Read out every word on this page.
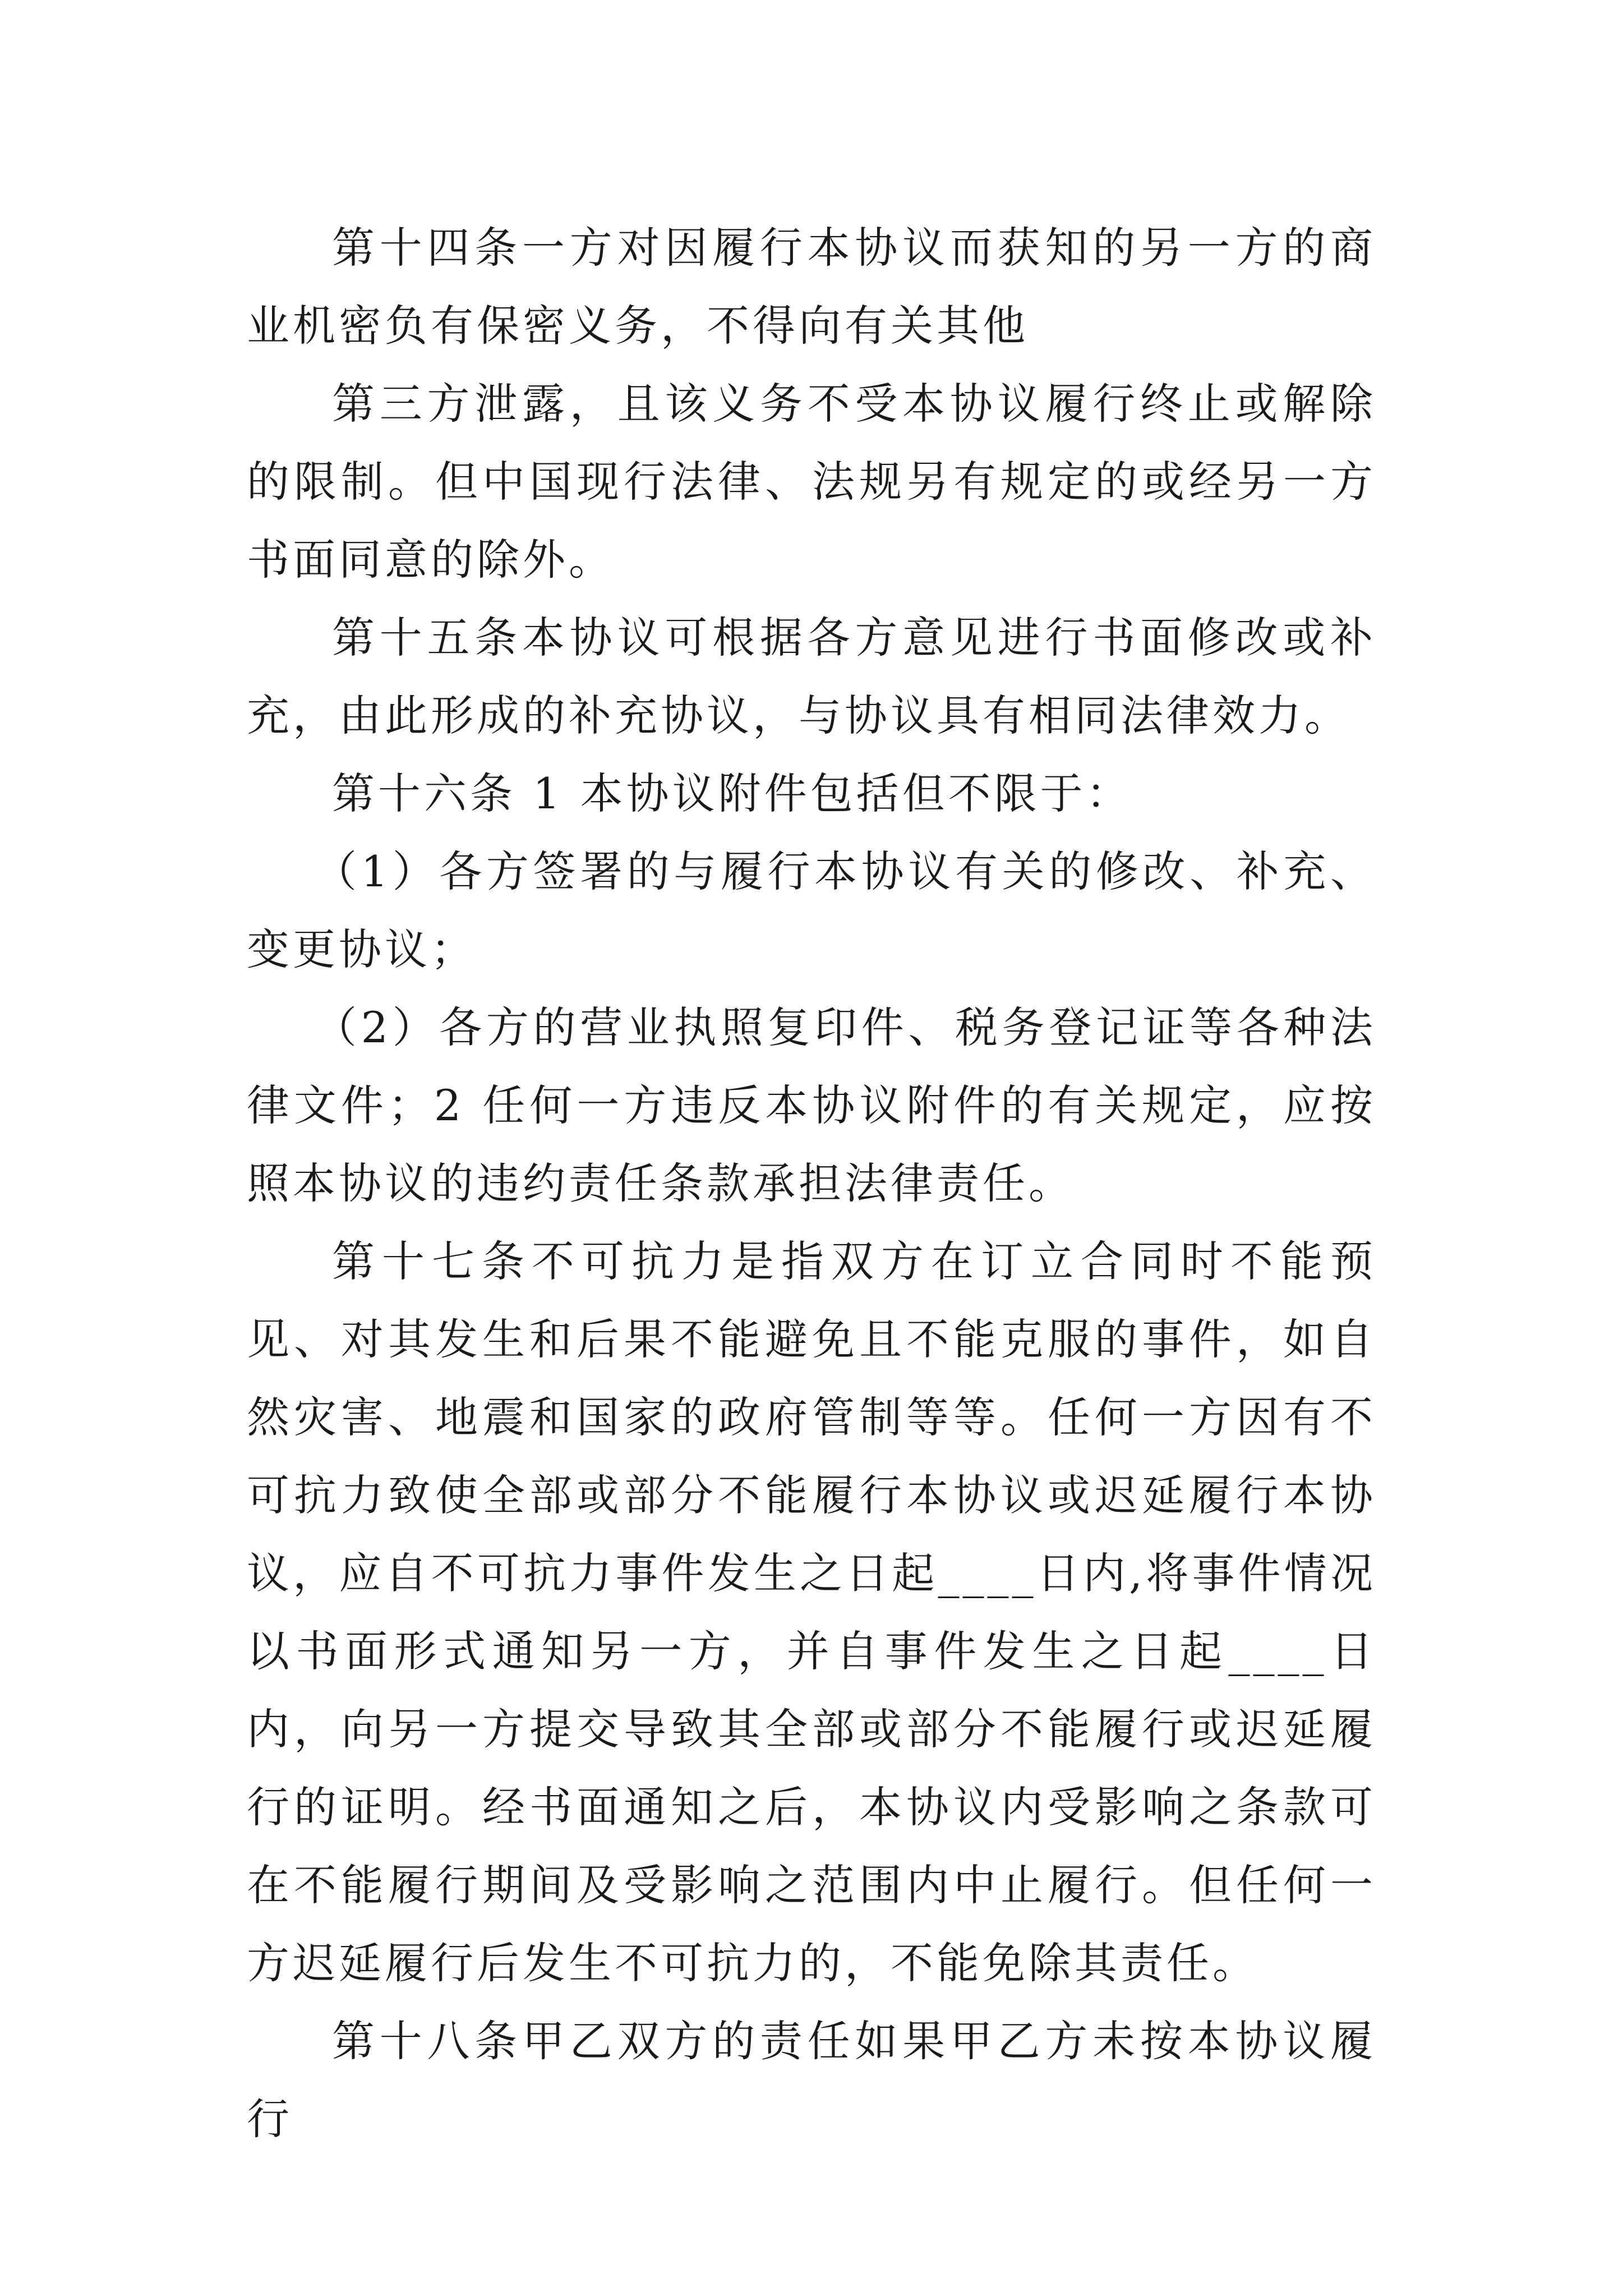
第十四条一方对因履行本协议而获知的另一方的商业机密负有保密义务，不得向有关其他

第三方泄露，且该义务不受本协议履行终止或解除的限制。但中国现行法律、法规另有规定的或经另一方书面同意的除外。

第十五条本协议可根据各方意见进行书面修改或补充，由此形成的补充协议，与协议具有相同法律效力。

第十六条 1 本协议附件包括但不限于：

（1）各方签署的与履行本协议有关的修改、补充、变更协议；

（2）各方的营业执照复印件、税务登记证等各种法律文件；2 任何一方违反本协议附件的有关规定，应按照本协议的违约责任条款承担法律责任。

第十七条不可抗力是指双方在订立合同时不能预见、对其发生和后果不能避免且不能克服的事件，如自然灾害、地震和国家的政府管制等等。任何一方因有不可抗力致使全部或部分不能履行本协议或迟延履行本协议，应自不可抗力事件发生之日起____日内,将事件情况以书面形式通知另一方，并自事件发生之日起____日内，向另一方提交导致其全部或部分不能履行或迟延履行的证明。经书面通知之后，本协议内受影响之条款可在不能履行期间及受影响之范围内中止履行。但任何一方迟延履行后发生不可抗力的，不能免除其责任。

第十八条甲乙双方的责任如果甲乙方未按本协议履行
